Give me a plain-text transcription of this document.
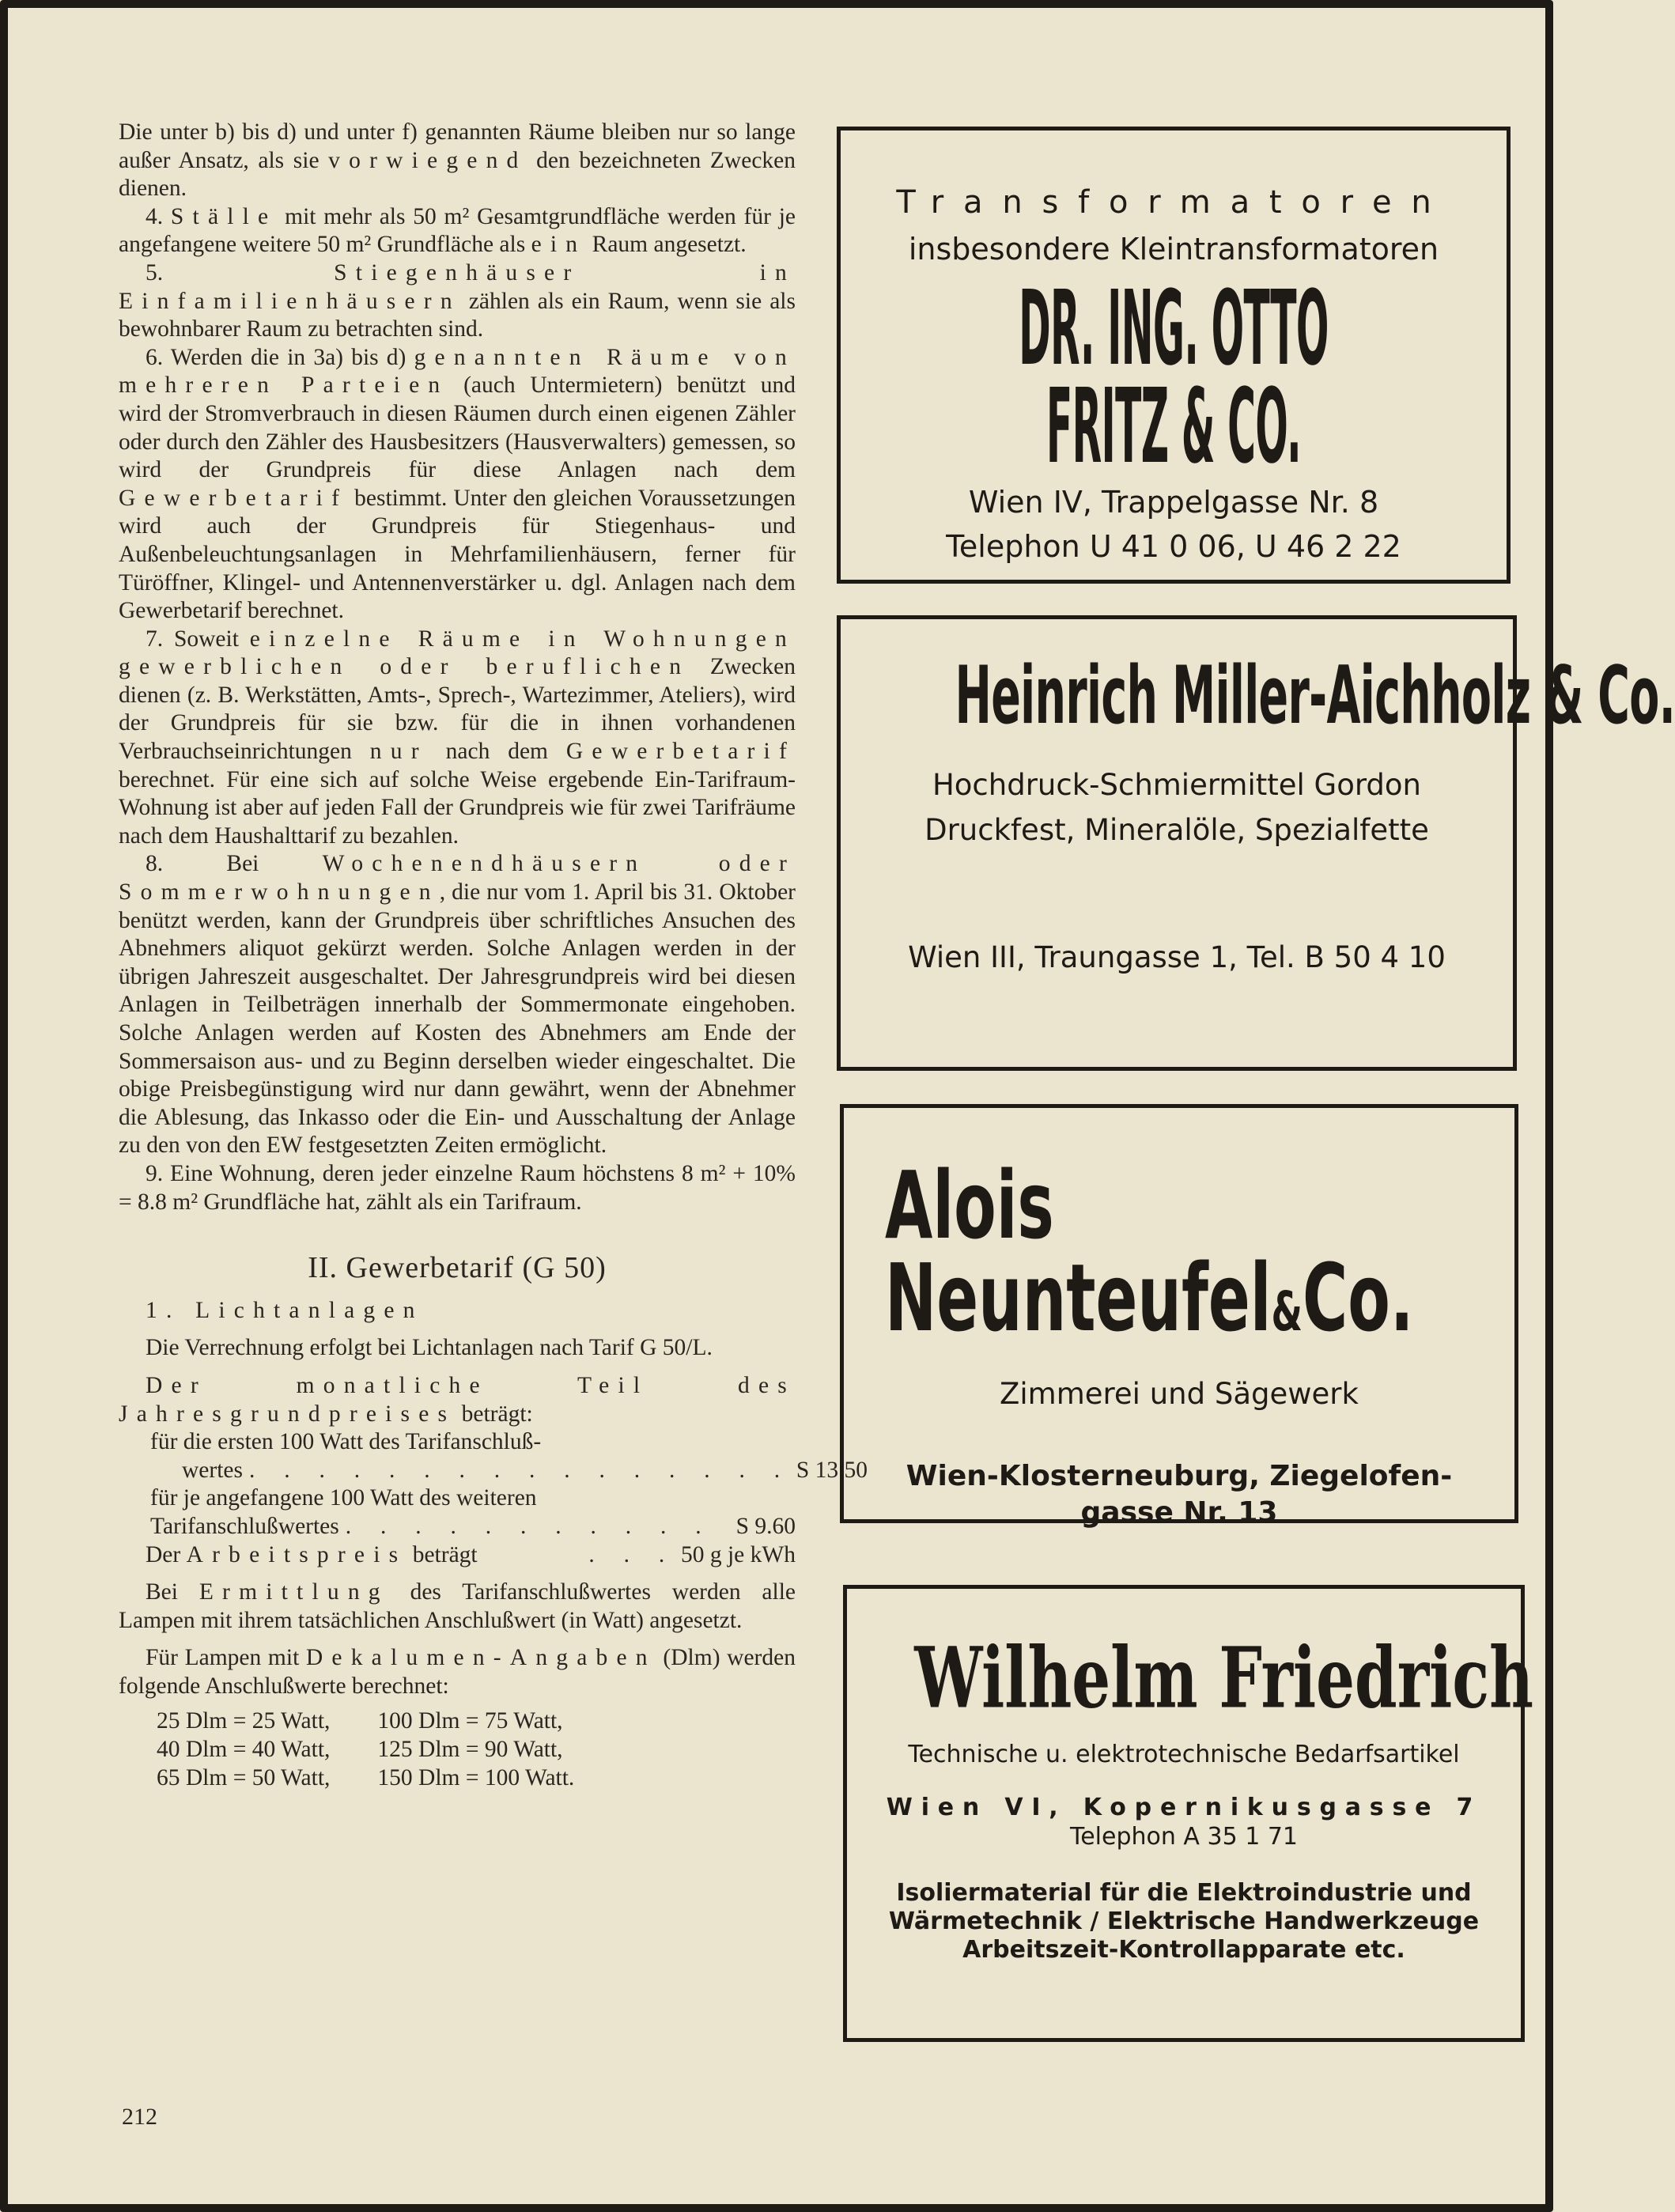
Die unter b) bis d) und unter f) genannten Räume bleiben nur so lange außer Ansatz, als sie vorwiegend den bezeichneten Zwecken dienen.

4. Ställe mit mehr als 50 m² Gesamtgrundfläche werden für je angefangene weitere 50 m² Grundfläche als ein Raum angesetzt.

5. Stiegenhäuser in Einfamilienhäusern zählen als ein Raum, wenn sie als bewohnbarer Raum zu betrachten sind.

6. Werden die in 3a) bis d) genannten Räume von mehreren Parteien (auch Untermietern) benützt und wird der Stromverbrauch in diesen Räumen durch einen eigenen Zähler oder durch den Zähler des Hausbesitzers (Hausverwalters) gemessen, so wird der Grundpreis für diese Anlagen nach dem Gewerbetarif bestimmt. Unter den gleichen Voraussetzungen wird auch der Grundpreis für Stiegenhaus- und Außenbeleuchtungsanlagen in Mehrfamilienhäusern, ferner für Türöffner, Klingel- und Antennenverstärker u. dgl. Anlagen nach dem Gewerbetarif berechnet.

7. Soweit einzelne Räume in Wohnungen gewerblichen oder beruflichen Zwecken dienen (z. B. Werkstätten, Amts-, Sprech-, Wartezimmer, Ateliers), wird der Grundpreis für sie bzw. für die in ihnen vorhandenen Verbrauchseinrichtungen nur nach dem Gewerbetarif berechnet. Für eine sich auf solche Weise ergebende Ein-Tarifraum-Wohnung ist aber auf jeden Fall der Grundpreis wie für zwei Tarifräume nach dem Haushalttarif zu bezahlen.

8. Bei Wochenendhäusern oder Sommerwohnungen, die nur vom 1. April bis 31. Oktober benützt werden, kann der Grundpreis über schriftliches Ansuchen des Abnehmers aliquot gekürzt werden. Solche Anlagen werden in der übrigen Jahreszeit ausgeschaltet. Der Jahresgrundpreis wird bei diesen Anlagen in Teilbeträgen innerhalb der Sommermonate eingehoben. Solche Anlagen werden auf Kosten des Abnehmers am Ende der Sommersaison aus- und zu Beginn derselben wieder eingeschaltet. Die obige Preisbegünstigung wird nur dann gewährt, wenn der Abnehmer die Ablesung, das Inkasso oder die Ein- und Ausschaltung der Anlage zu den von den EW festgesetzten Zeiten ermöglicht.

9. Eine Wohnung, deren jeder einzelne Raum höchstens 8 m² + 10% = 8.8 m² Grundfläche hat, zählt als ein Tarifraum.

II. Gewerbetarif (G 50)

1. Lichtanlagen

Die Verrechnung erfolgt bei Lichtanlagen nach Tarif G 50/L.

Der monatliche Teil des Jahresgrundpreises beträgt:

für die ersten 100 Watt des Tarifanschluß-
wertes . . . . . . . . . . . . . . . . S 13.50
für je angefangene 100 Watt des weiteren
Tarifanschlußwertes . . . . . . . . . . . S 9.60
Der Arbeitspreis beträgt	. . . 50 g je kWh

Bei Ermittlung des Tarifanschlußwertes werden alle Lampen mit ihrem tatsächlichen Anschlußwert (in Watt) angesetzt.

Für Lampen mit Dekalumen-Angaben (Dlm) werden folgende Anschlußwerte berechnet:

25 Dlm = 25 Watt,		100 Dlm = 75 Watt,
40 Dlm = 40 Watt,		125 Dlm = 90 Watt,
65 Dlm = 50 Watt,		150 Dlm = 100 Watt.
212
Transformatoren
insbesondere Kleintransformatoren
DR. ING. OTTO FRITZ & CO.
Wien IV, Trappelgasse Nr. 8
Telephon U 41 0 06, U 46 2 22
Heinrich Miller-Aichholz & Co.
Hochdruck-Schmiermittel Gordon
Druckfest, Mineralöle, Spezialfette
Wien III, Traungasse 1, Tel. B 50 4 10
Alois
Neunteufel&Co.
Zimmerei und Sägewerk
Wien-Klosterneuburg, Ziegelofen-
gasse Nr. 13
Wilhelm Friedrich
Technische u. elektrotechnische Bedarfsartikel
Wien VI, Kopernikusgasse 7
Telephon A 35 1 71
Isoliermaterial für die Elektroindustrie und
Wärmetechnik / Elektrische Handwerkzeuge
Arbeitszeit-Kontrollapparate etc.
